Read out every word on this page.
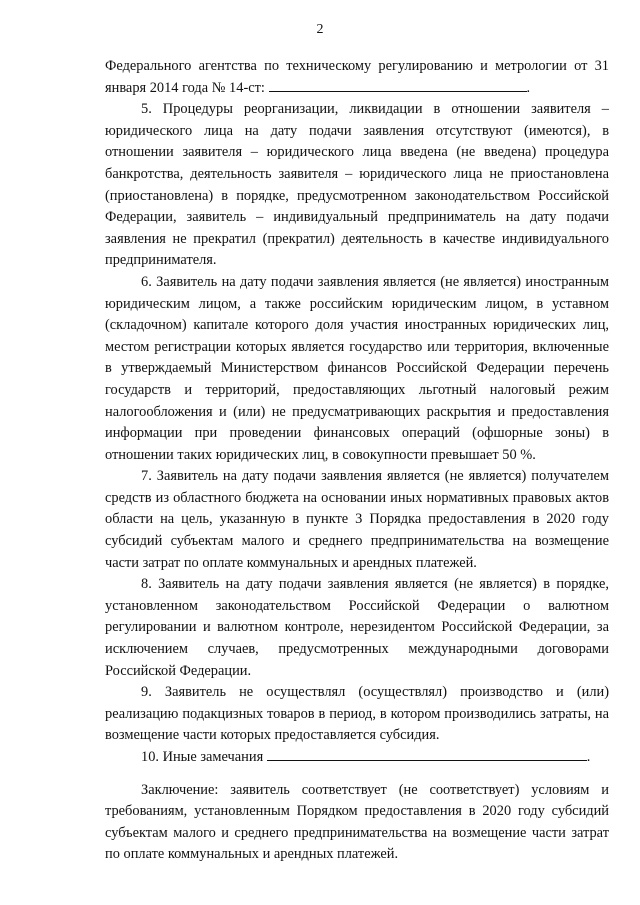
2

Федерального агентства по техническому регулированию и метрологии от 31 января 2014 года № 14-ст:	.

5. Процедуры реорганизации, ликвидации в отношении заявителя – юридического лица на дату подачи заявления отсутствуют (имеются), в отношении заявителя – юридического лица введена (не введена) процедура банкротства, деятельность заявителя – юридического лица не приостановлена (приостановлена) в порядке, предусмотренном законодательством Российской Федерации, заявитель – индивидуальный предприниматель на дату подачи заявления не прекратил (прекратил) деятельность в качестве индивидуального предпринимателя.

6. Заявитель на дату подачи заявления является (не является) иностранным юридическим лицом, а также российским юридическим лицом, в уставном (складочном) капитале которого доля участия иностранных юридических лиц, местом регистрации которых является государство или территория, включенные в утверждаемый Министерством финансов Российской Федерации перечень государств и территорий, предоставляющих льготный налоговый режим налогообложения и (или) не предусматривающих раскрытия и предоставления информации при проведении финансовых операций (офшорные зоны) в отношении таких юридических лиц, в совокупности превышает 50 %.

7. Заявитель на дату подачи заявления является (не является) получателем средств из областного бюджета на основании иных нормативных правовых актов области на цель, указанную в пункте 3 Порядка предоставления в 2020 году субсидий субъектам малого и среднего предпринимательства на возмещение части затрат по оплате коммунальных и арендных платежей.

8. Заявитель на дату подачи заявления является (не является) в порядке, установленном законодательством Российской Федерации о валютном регулировании и валютном контроле, нерезидентом Российской Федерации, за исключением случаев, предусмотренных международными договорами Российской Федерации.

9. Заявитель не осуществлял (осуществлял) производство и (или) реализацию подакцизных товаров в период, в котором производились затраты, на возмещение части которых предоставляется субсидия.

10. Иные замечания	.

Заключение: заявитель соответствует (не соответствует) условиям и требованиям, установленным Порядком предоставления в 2020 году субсидий субъектам малого и среднего предпринимательства на возмещение части затрат по оплате коммунальных и арендных платежей.
